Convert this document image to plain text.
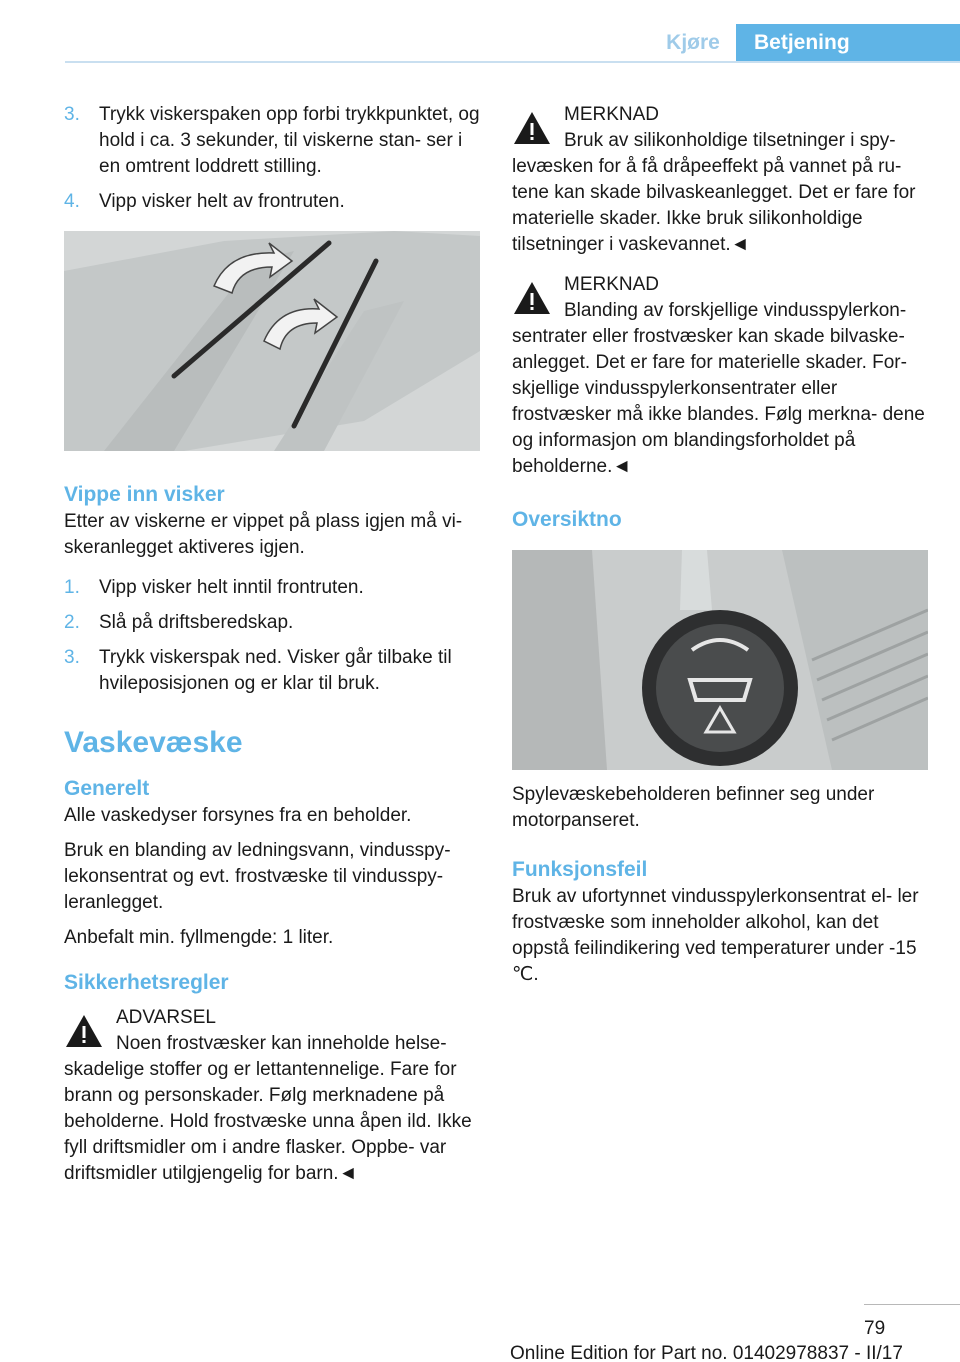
Kjøre	Betjening
3.	Trykk viskerspaken opp forbi trykkpunktet, og hold i ca. 3 sekunder, til viskerne stan‐ ser i en omtrent loddrett stilling.
4.	Vipp visker helt av frontruten.
Vippe inn visker

Etter av viskerne er vippet på plass igjen må vi‐ skeranlegget aktiveres igjen.

1.	Vipp visker helt inntil frontruten.
2.	Slå på driftsberedskap.
3.	Trykk viskerspak ned. Visker går tilbake til hvileposisjonen og er klar til bruk.
Vaskevæske
Generelt

Alle vaskedyser forsynes fra en beholder.

Bruk en blanding av ledningsvann, vindusspy‐ lekonsentrat og evt. frostvæske til vindusspy‐ leranlegget.

Anbefalt min. fyllmengde: 1 liter.

Sikkerhetsregler
ADVARSEL
Noen frostvæsker kan inneholde helse‐

skadelige stoffer og er lettantennelige. Fare for brann og personskader. Følg merknadene på beholderne. Hold frostvæske unna åpen ild. Ikke fyll driftsmidler om i andre flasker. Oppbe‐ var driftsmidler utilgjengelig for barn.◄

MERKNAD
Bruk av silikonholdige tilsetninger i spy‐

levæsken for å få dråpeeffekt på vannet på ru‐ tene kan skade bilvaskeanlegget. Det er fare for materielle skader. Ikke bruk silikonholdige tilsetninger i vaskevannet.◄

MERKNAD
Blanding av forskjellige vindusspylerkon‐

sentrater eller frostvæsker kan skade bilvaske‐ anlegget. Det er fare for materielle skader. For‐ skjellige vindusspylerkonsentrater eller frostvæsker må ikke blandes. Følg merkna‐ dene og informasjon om blandingsforholdet på beholderne.◄

Oversiktno

Spylevæskebeholderen befinner seg under motorpanseret.

Funksjonsfeil

Bruk av ufortynnet vindusspylerkonsentrat el‐ ler frostvæske som inneholder alkohol, kan det oppstå feilindikering ved temperaturer under -15 ℃.

79
Online Edition for Part no. 01402978837 - II/17
